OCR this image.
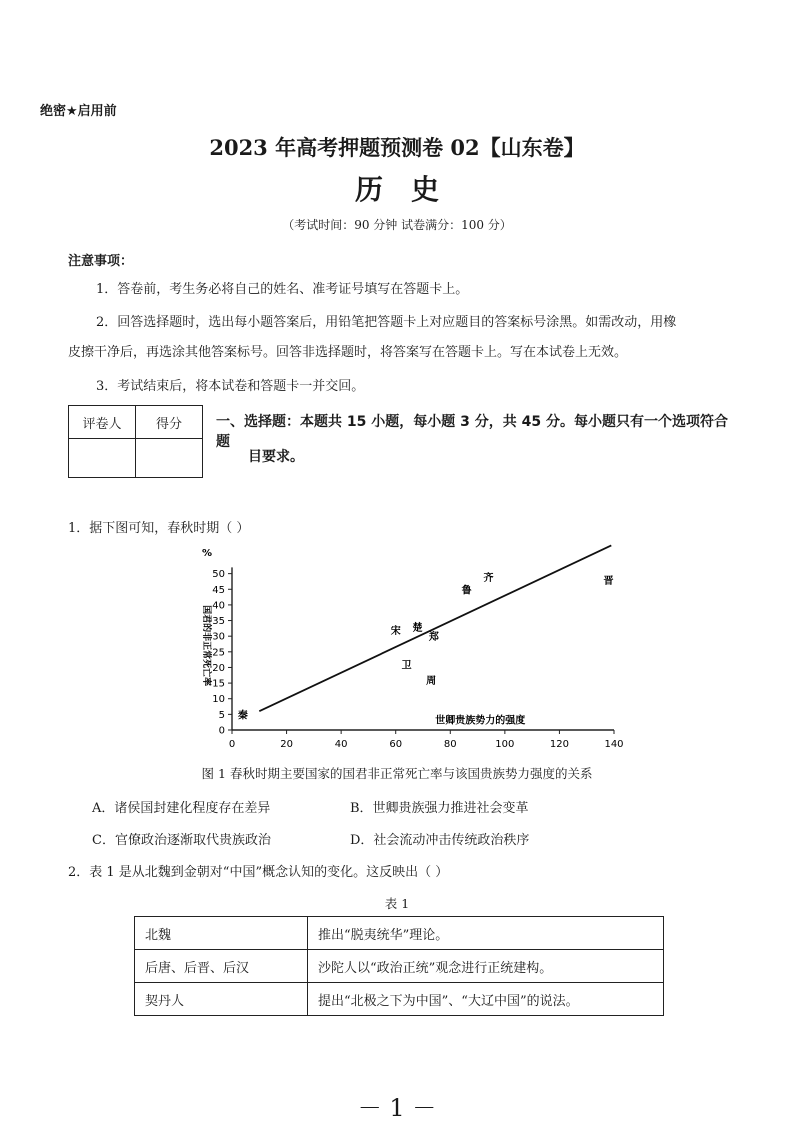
绝密★启用前
2023 年高考押题预测卷 02【山东卷】
历史
（考试时间：90 分钟 试卷满分：100 分）
注意事项：
1．答卷前，考生务必将自己的姓名、准考证号填写在答题卡上。
2．回答选择题时，选出每小题答案后，用铅笔把答题卡上对应题目的答案标号涂黑。如需改动，用橡
皮擦干净后，再选涂其他答案标号。回答非选择题时，将答案写在答题卡上。写在本试卷上无效。
3．考试结束后，将本试卷和答题卡一并交回。
评卷人	得分
	一、选择题：本题共 15 小题，每小题 3 分，共 45 分。每小题只有一个选项符合题
目要求。
1．据下图可知，春秋时期（ ）
%
0	20	40	60	80	100	120	140
0
5
10
15
20
25
30
35
40
45
50
秦
宋 楚
郑
鲁
齐
卫
周
晋
世卿贵族势力的强度
国君的非正常死亡率
图 1 春秋时期主要国家的国君非正常死亡率与该国贵族势力强度的关系
A．诸侯国封建化程度存在差异	B．世卿贵族强力推进社会变革
C．官僚政治逐渐取代贵族政治	D．社会流动冲击传统政治秩序
2．表 1 是从北魏到金朝对“中国”概念认知的变化。这反映出（ ）
表 1
北魏	推出“脱夷统华”理论。
后唐、后晋、后汉	沙陀人以“政治正统”观念进行正统建构。
契丹人	提出“北极之下为中国”、“大辽中国”的说法。
－ 1 －
